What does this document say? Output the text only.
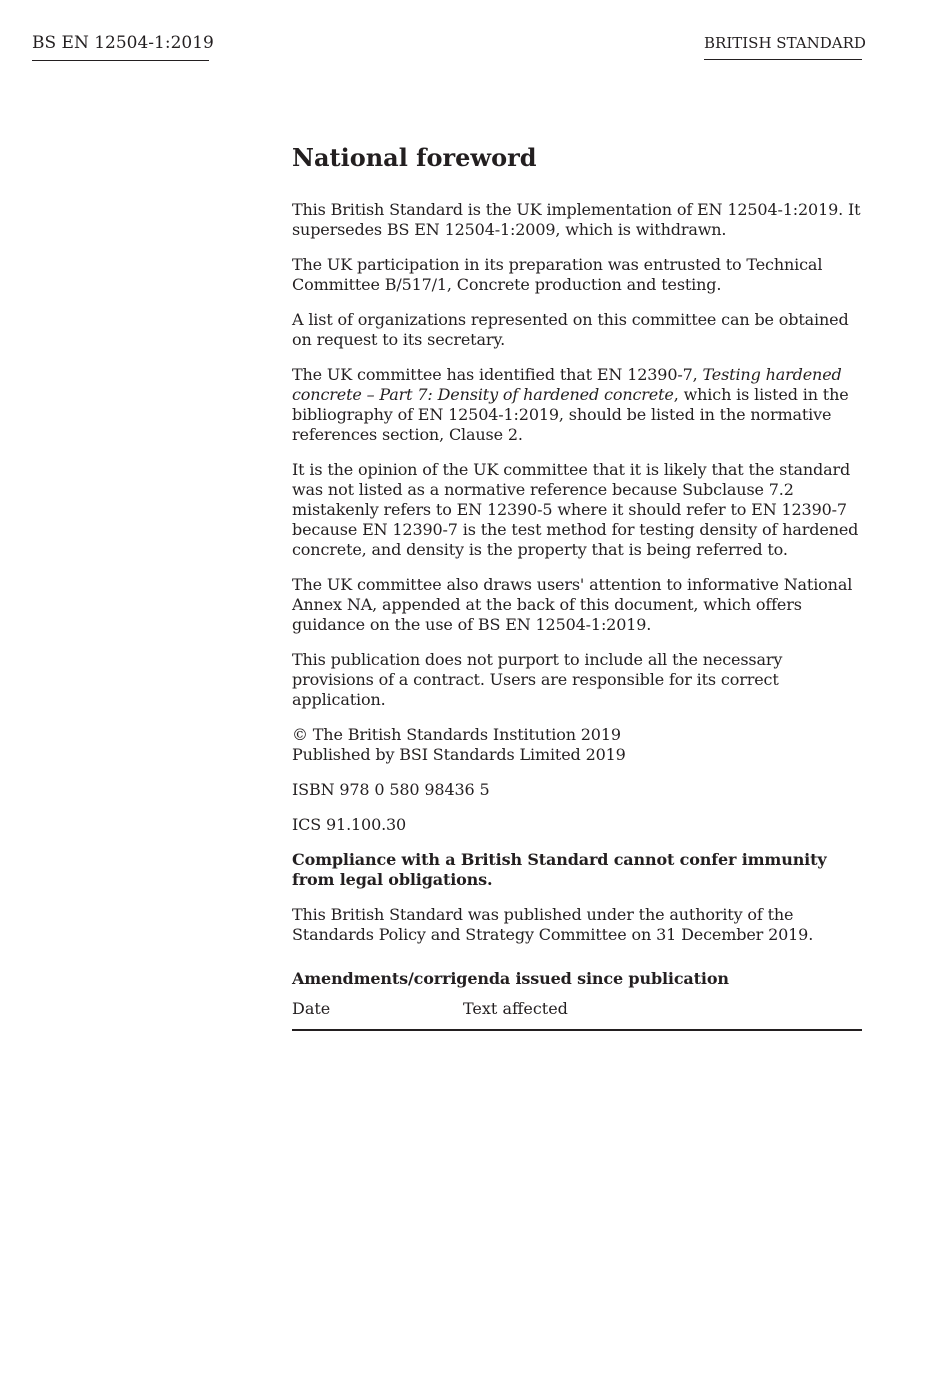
BS EN 12504-1:2019	BRITISH STANDARD
National foreword

This British Standard is the UK implementation of EN 12504-1:2019. It supersedes BS EN 12504-1:2009, which is withdrawn.

The UK participation in its preparation was entrusted to Technical Committee B/517/1, Concrete production and testing.

A list of organizations represented on this committee can be obtained on request to its secretary.

The UK committee has identified that EN 12390-7, Testing hardened concrete – Part 7: Density of hardened concrete, which is listed in the bibliography of EN 12504-1:2019, should be listed in the normative references section, Clause 2.

It is the opinion of the UK committee that it is likely that the standard was not listed as a normative reference because Subclause 7.2 mistakenly refers to EN 12390-5 where it should refer to EN 12390-7 because EN 12390-7 is the test method for testing density of hardened concrete, and density is the property that is being referred to.

The UK committee also draws users' attention to informative National Annex NA, appended at the back of this document, which offers guidance on the use of BS EN 12504-1:2019.

This publication does not purport to include all the necessary provisions of a contract. Users are responsible for its correct application.

© The British Standards Institution 2019
Published by BSI Standards Limited 2019

ISBN 978 0 580 98436 5

ICS 91.100.30

Compliance with a British Standard cannot confer immunity from legal obligations.

This British Standard was published under the authority of the Standards Policy and Strategy Committee on 31 December 2019.

Amendments/corrigenda issued since publication

Date	Text affected
